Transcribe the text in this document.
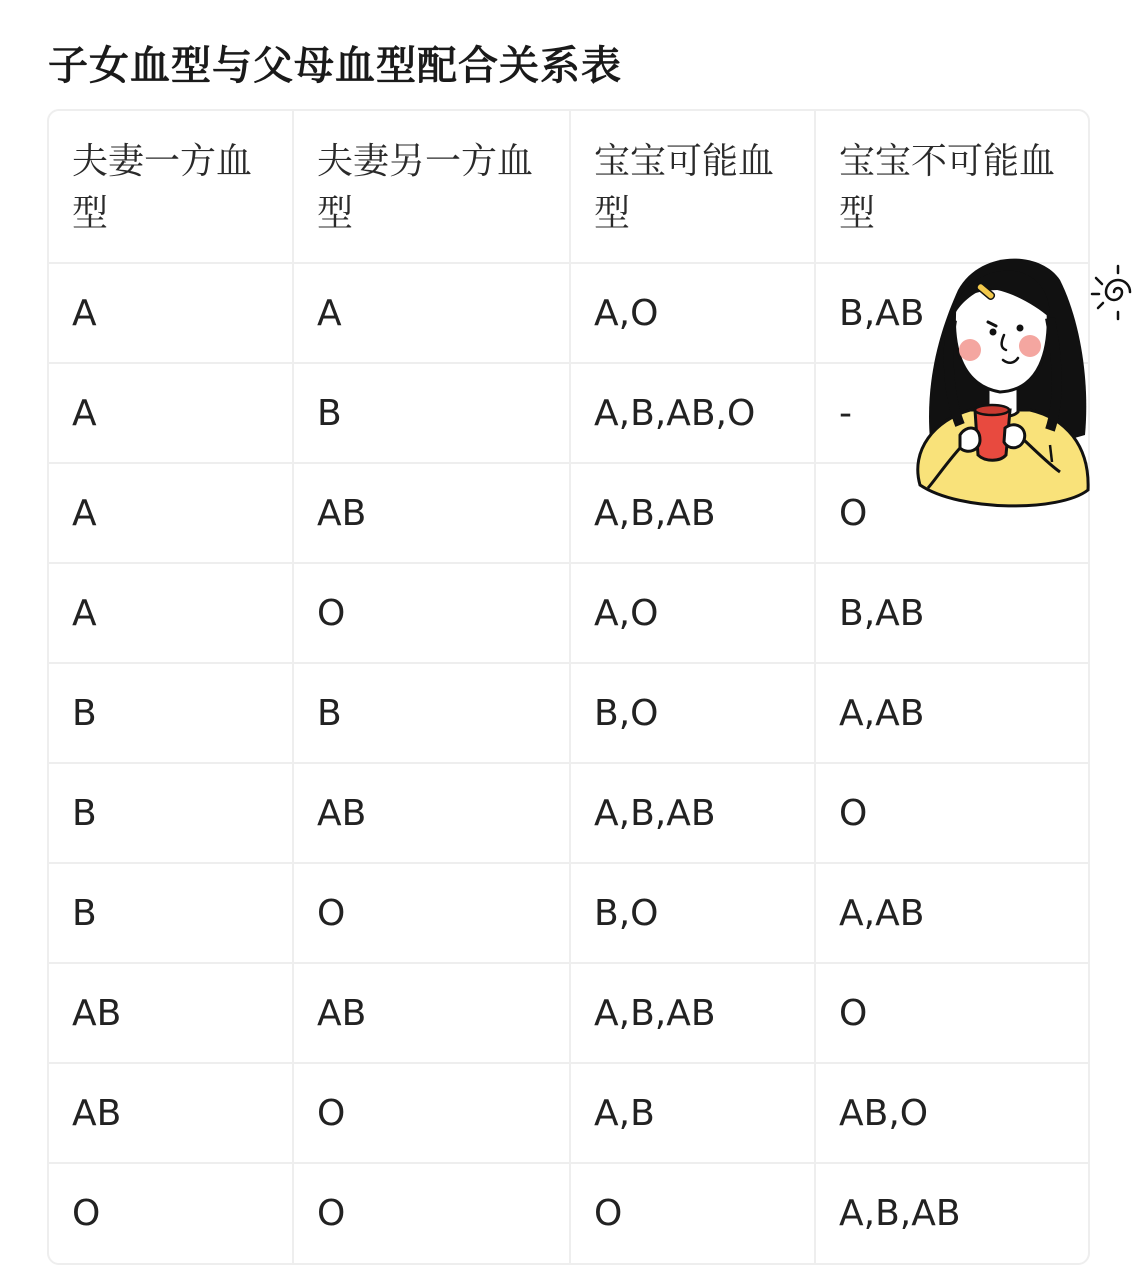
子女血型与父母血型配合关系表
夫妻一方血型	夫妻另一方血型	宝宝可能血型	宝宝不可能血型
A	A	A,O	B,AB
A	B	A,B,AB,O	-
A	AB	A,B,AB	O
A	O	A,O	B,AB
B	B	B,O	A,AB
B	AB	A,B,AB	O
B	O	B,O	A,AB
AB	AB	A,B,AB	O
AB	O	A,B	AB,O
O	O	O	A,B,AB
